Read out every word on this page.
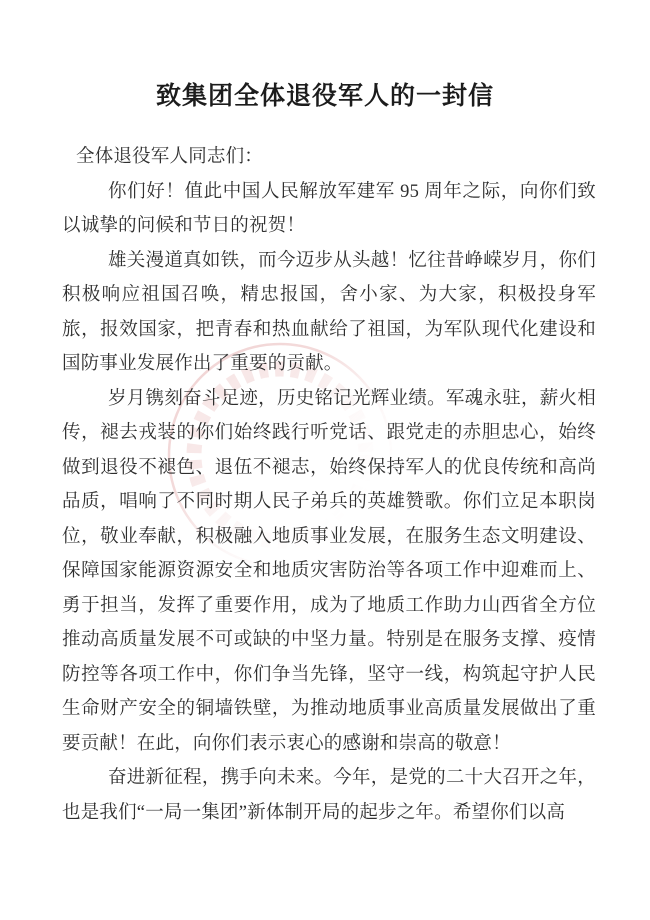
致集团全体退役军人的一封信

全体退役军人同志们：

你们好！值此中国人民解放军建军 95 周年之际，向你们致以诚挚的问候和节日的祝贺！

雄关漫道真如铁，而今迈步从头越！忆往昔峥嵘岁月，你们积极响应祖国召唤，精忠报国，舍小家、为大家，积极投身军旅，报效国家，把青春和热血献给了祖国，为军队现代化建设和国防事业发展作出了重要的贡献。

岁月镌刻奋斗足迹，历史铭记光辉业绩。军魂永驻，薪火相传，褪去戎装的你们始终践行听党话、跟党走的赤胆忠心，始终做到退役不褪色、退伍不褪志，始终保持军人的优良传统和高尚品质，唱响了不同时期人民子弟兵的英雄赞歌。你们立足本职岗位，敬业奉献，积极融入地质事业发展，在服务生态文明建设、保障国家能源资源安全和地质灾害防治等各项工作中迎难而上、勇于担当，发挥了重要作用，成为了地质工作助力山西省全方位推动高质量发展不可或缺的中坚力量。特别是在服务支撑、疫情防控等各项工作中，你们争当先锋，坚守一线，构筑起守护人民生命财产安全的铜墙铁壁，为推动地质事业高质量发展做出了重要贡献！在此，向你们表示衷心的感谢和崇高的敬意！

奋进新征程，携手向未来。今年，是党的二十大召开之年，也是我们“一局一集团”新体制开局的起步之年。希望你们以高
